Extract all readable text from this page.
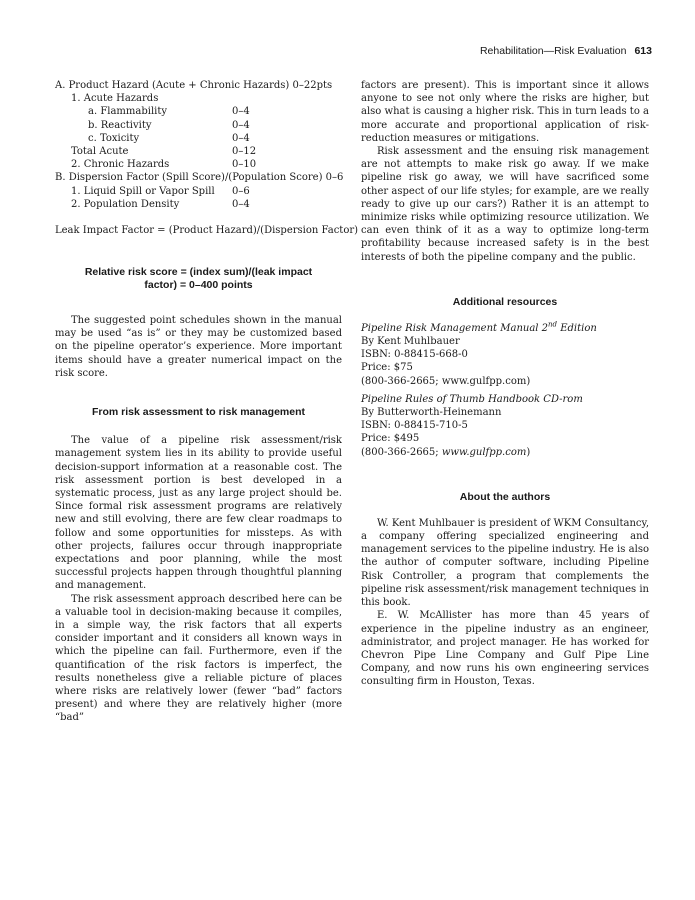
Rehabilitation—Risk Evaluation 613
A. Product Hazard (Acute + Chronic Hazards) 0–22pts
1. Acute Hazards
a. Flammability	0–4
b. Reactivity	0–4
c. Toxicity	0–4
Total Acute	0–12
2. Chronic Hazards	0–10
B. Dispersion Factor (Spill Score)/(Population Score) 0–6
1. Liquid Spill or Vapor Spill 0–6
2. Population Density	0–4
Leak Impact Factor = (Product Hazard)/(Dispersion Factor)
Relative risk score = (index sum)/(leak impact
factor) = 0–400 points

The suggested point schedules shown in the manual may be used “as is” or they may be customized based on the pipeline operator’s experience. More important items should have a greater numerical impact on the risk score.

From risk assessment to risk management

The value of a pipeline risk assessment/risk management system lies in its ability to provide useful decision-support information at a reasonable cost. The risk assessment portion is best developed in a systematic process, just as any large project should be. Since formal risk assessment programs are relatively new and still evolving, there are few clear roadmaps to follow and some opportunities for missteps. As with other projects, failures occur through inappropriate expectations and poor planning, while the most successful projects happen through thoughtful planning and management.

The risk assessment approach described here can be a valuable tool in decision-making because it compiles, in a simple way, the risk factors that all experts consider important and it considers all known ways in which the pipeline can fail. Furthermore, even if the quantification of the risk factors is imperfect, the results nonetheless give a reliable picture of places where risks are relatively lower (fewer “bad” factors present) and where they are relatively higher (more “bad”

factors are present). This is important since it allows anyone to see not only where the risks are higher, but also what is causing a higher risk. This in turn leads to a more accurate and proportional application of risk-reduction measures or mitigations.

Risk assessment and the ensuing risk management are not attempts to make risk go away. If we make pipeline risk go away, we will have sacrificed some other aspect of our life styles; for example, are we really ready to give up our cars?) Rather it is an attempt to minimize risks while optimizing resource utilization. We can even think of it as a way to optimize long-term profitability because increased safety is in the best interests of both the pipeline company and the public.

Additional resources
Pipeline Risk Management Manual 2nd Edition
By Kent Muhlbauer
ISBN: 0-88415-668-0
Price: $75
(800-366-2665; www.gulfpp.com)
Pipeline Rules of Thumb Handbook CD-rom
By Butterworth-Heinemann
ISBN: 0-88415-710-5
Price: $495
(800-366-2665; www.gulfpp.com)
About the authors

W. Kent Muhlbauer is president of WKM Consultancy, a company offering specialized engineering and management services to the pipeline industry. He is also the author of computer software, including Pipeline Risk Controller, a program that complements the pipeline risk assessment/risk management techniques in this book.

E. W. McAllister has more than 45 years of experience in the pipeline industry as an engineer, administrator, and project manager. He has worked for Chevron Pipe Line Company and Gulf Pipe Line Company, and now runs his own engineering services consulting firm in Houston, Texas.
